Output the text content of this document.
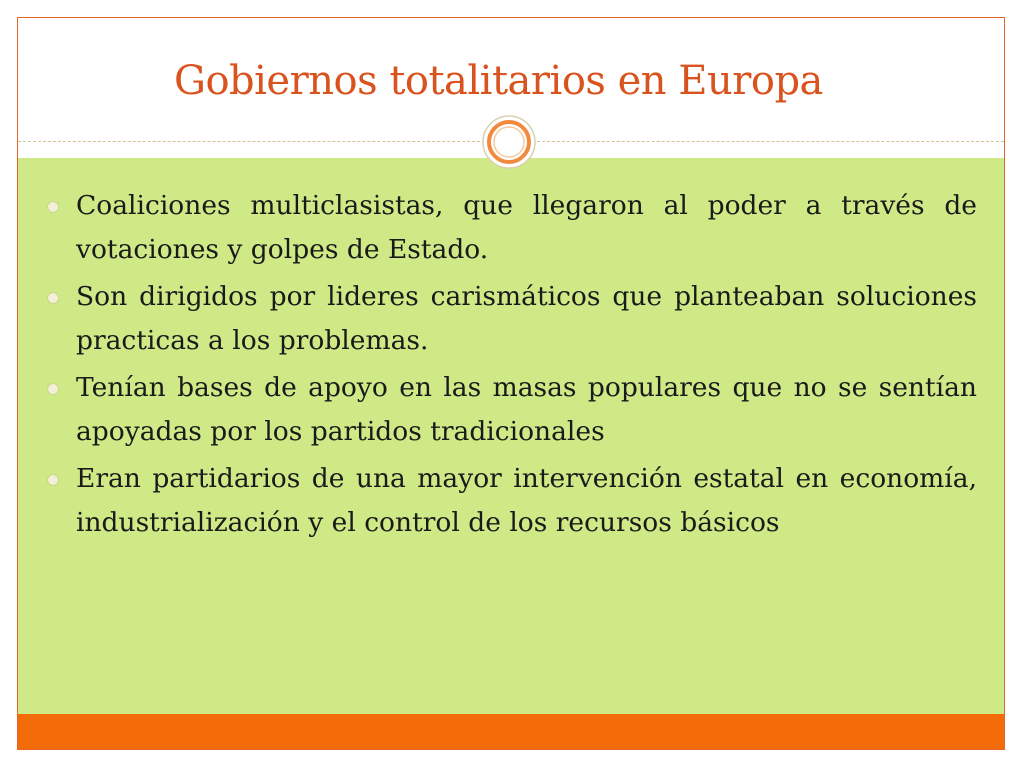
Gobiernos totalitarios en Europa
Coaliciones multiclasistas, que llegaron al poder a través de votaciones y golpes de Estado.
Son dirigidos por lideres carismáticos que planteaban soluciones practicas a los problemas.
Tenían bases de apoyo en las masas populares que no se sentían apoyadas por los partidos tradicionales
Eran partidarios de una mayor intervención estatal en economía, industrialización y el control de los recursos básicos
